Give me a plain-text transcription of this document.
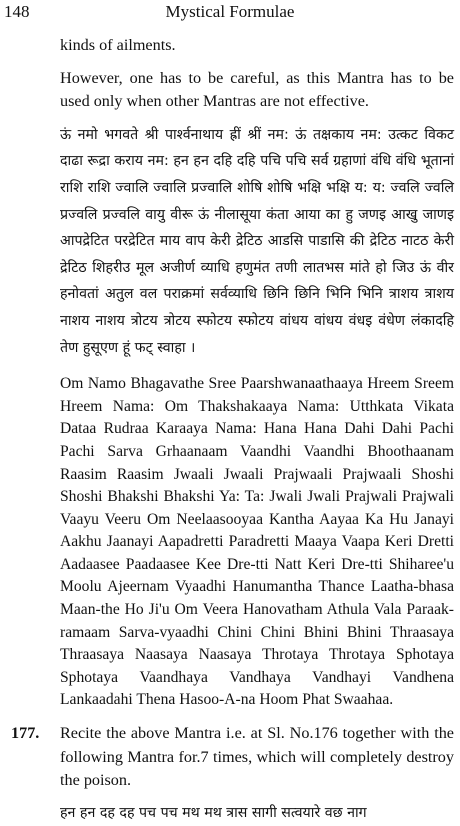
148	Mystical Formulae

kinds of ailments.

However, one has to be careful, as this Mantra has to be used only when other Mantras are not effective.

ऊं नमो भगवते श्री पार्श्वनाथाय ह्रीं श्रीं नम: ऊं तक्षकाय नम: उत्कट विकट दाढा रूद्रा कराय नम: हन हन दहि दहि पचि पचि सर्व ग्रहाणां वंधि वंधि भूतानां राशि राशि ज्वालि ज्वालि प्रज्वालि शोषि शोषि भक्षि भक्षि य: य: ज्वलि ज्वलि प्रज्वलि प्रज्वलि वायु वीरू ऊं नीलासूया कंता आया का हु जणइ आखु जाणइ आपद्रेटित परद्रेटित माय वाप केरी द्रेटिठ आडसि पाडासि की द्रेटिठ नाटठ केरी द्रेटिठ शिहरीउ मूल अजीर्ण व्याधि हणुमंत तणी लातभस मांते हो जिउ ऊं वीर हनोवतां अतुल वल पराक्रमां सर्वव्याधि छिनि छिनि भिनि भिनि त्राशय त्राशय नाशय नाशय त्रोटय त्रोटय स्फोटय स्फोटय वांधय वांधय वंधइ वंधेण लंकादहि तेण हुसूएण हूं फट् स्वाहा ।

Om Namo Bhagavathe Sree Paarshwanaathaaya Hreem Sreem Hreem Nama: Om Thakshakaaya Nama: Utthkata Vikata Dataa Rudraa Karaaya Nama: Hana Hana Dahi Dahi Pachi Pachi Sarva Grhaanaam Vaandhi Vaandhi Bhoothaanam Raasim Raasim Jwaali Jwaali Prajwaali Prajwaali Shoshi Shoshi Bhakshi Bhakshi Ya: Ta: Jwali Jwali Prajwali Prajwali Vaayu Veeru Om Neelaasooyaa Kantha Aayaa Ka Hu Janayi Aakhu Jaanayi Aapadretti Paradretti Maaya Vaapa Keri Dretti Aadaasee Paadaasee Kee Dre-tti Natt Keri Dre-tti Shiharee'u Moolu Ajeernam Vyaadhi Hanumantha Thance Laatha-bhasa Maan-the Ho Ji'u Om Veera Hanovatham Athula Vala Paraak-ramaam Sarva-vyaadhi Chini Chini Bhini Bhini Thraasaya Thraasaya Naasaya Naasaya Throtaya Throtaya Sphotaya Sphotaya Vaandhaya Vandhaya Vandhayi Vandhena Lankaadahi Thena Hasoo-A-na Hoom Phat Swaahaa.

177. Recite the above Mantra i.e. at Sl. No.176 together with the following Mantra for.7 times, which will completely destroy the poison.

हन हन दह दह पच पच मथ मथ त्रास सागी सत्वयारे वछ नाग
